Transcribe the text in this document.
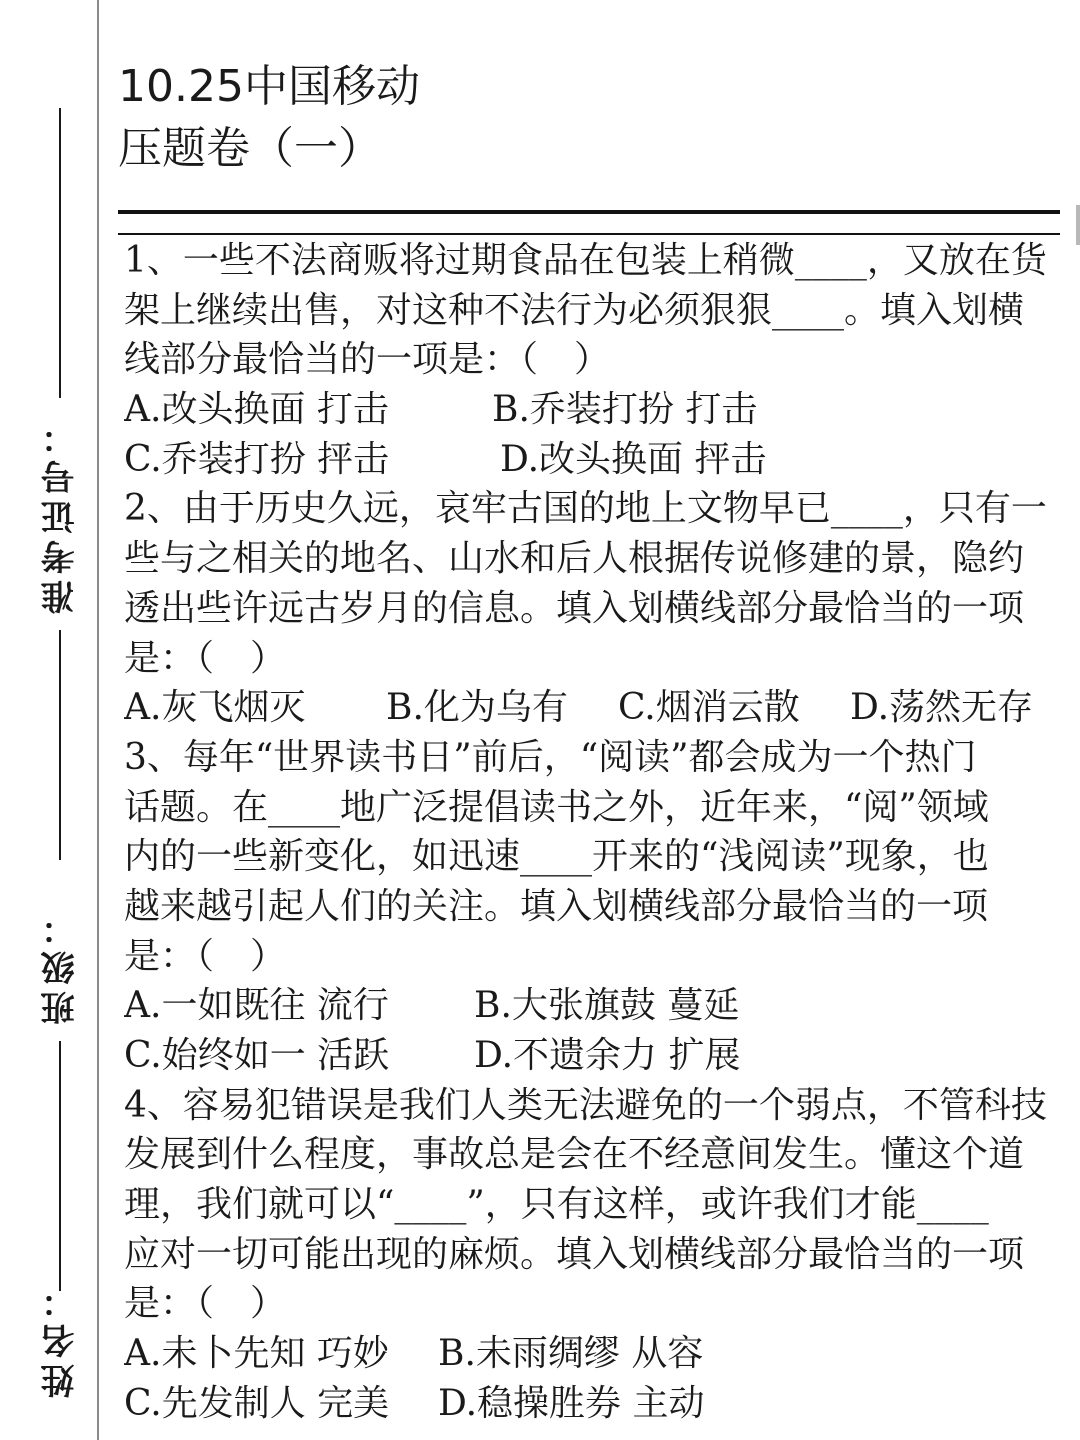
准考证号：
班级：
姓名：
10.25中国移动
压题卷（一）
1、一些不法商贩将过期食品在包装上稍微____，又放在货
架上继续出售，对这种不法行为必须狠狠____。填入划横
线部分最恰当的一项是：（　）
A.改头换面 打击	B.乔装打扮 打击
C.乔装打扮 抨击	D.改头换面 抨击
2、由于历史久远，哀牢古国的地上文物早已____，只有一
些与之相关的地名、山水和后人根据传说修建的景，隐约
透出些许远古岁月的信息。填入划横线部分最恰当的一项
是：（　）
A.灰飞烟灭	B.化为乌有	C.烟消云散	D.荡然无存
3、每年“世界读书日”前后，“阅读”都会成为一个热门
话题。在____地广泛提倡读书之外，近年来，“阅”领域
内的一些新变化，如迅速____开来的“浅阅读”现象，也
越来越引起人们的关注。填入划横线部分最恰当的一项
是：（　）
A.一如既往 流行	B.大张旗鼓 蔓延
C.始终如一 活跃	D.不遗余力 扩展
4、容易犯错误是我们人类无法避免的一个弱点，不管科技
发展到什么程度，事故总是会在不经意间发生。懂这个道
理，我们就可以“____”，只有这样，或许我们才能____
应对一切可能出现的麻烦。填入划横线部分最恰当的一项
是：（　）
A.未卜先知 巧妙	B.未雨绸缪 从容
C.先发制人 完美	D.稳操胜券 主动
